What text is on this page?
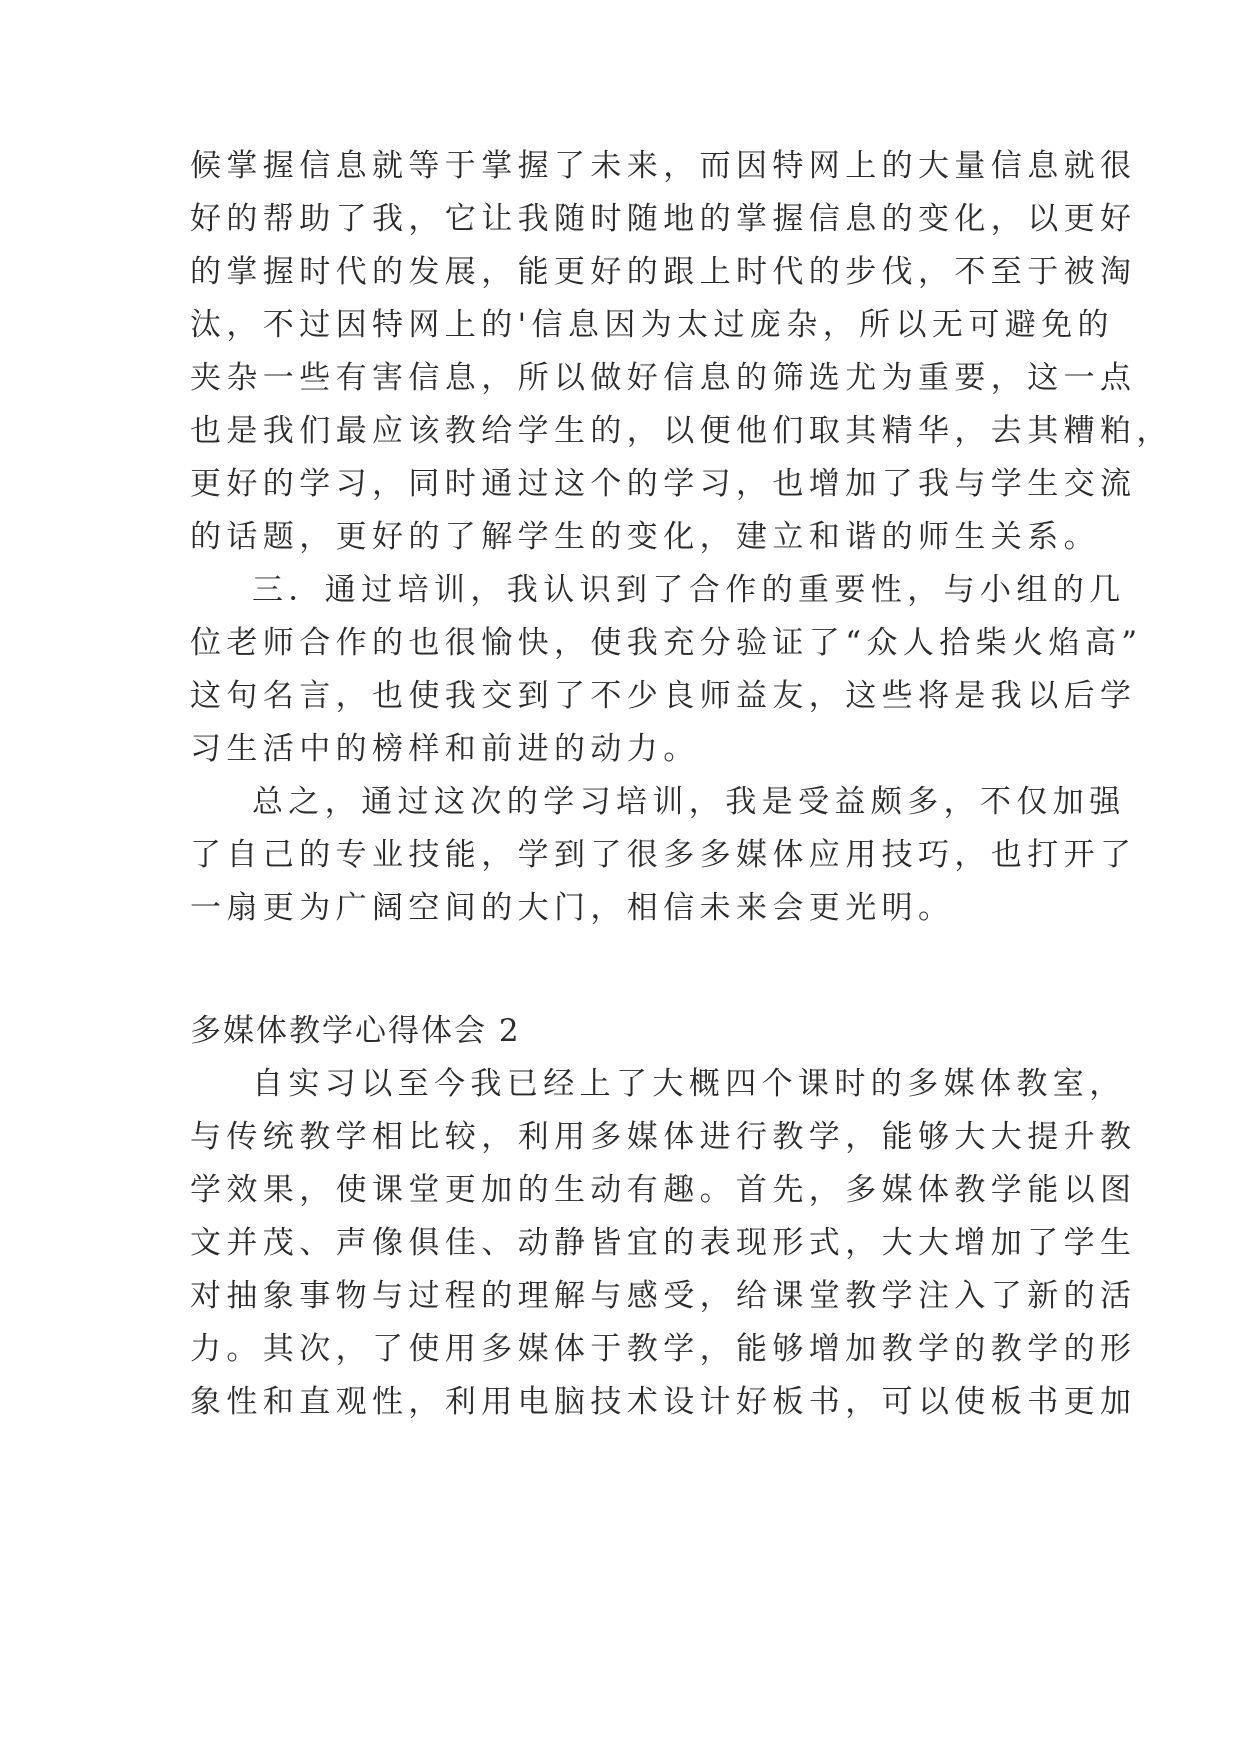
候掌握信息就等于掌握了未来，而因特网上的大量信息就很
好的帮助了我，它让我随时随地的掌握信息的变化，以更好
的掌握时代的发展，能更好的跟上时代的步伐，不至于被淘
汰，不过因特网上的'信息因为太过庞杂，所以无可避免的
夹杂一些有害信息，所以做好信息的筛选尤为重要，这一点
也是我们最应该教给学生的，以便他们取其精华，去其糟粕，
更好的学习，同时通过这个的学习，也增加了我与学生交流
的话题，更好的了解学生的变化，建立和谐的师生关系。
三．通过培训，我认识到了合作的重要性，与小组的几
位老师合作的也很愉快，使我充分验证了“众人拾柴火焰高”
这句名言，也使我交到了不少良师益友，这些将是我以后学
习生活中的榜样和前进的动力。
总之，通过这次的学习培训，我是受益颇多，不仅加强
了自己的专业技能，学到了很多多媒体应用技巧，也打开了
一扇更为广阔空间的大门，相信未来会更光明。
多媒体教学心得体会 2
自实习以至今我已经上了大概四个课时的多媒体教室，
与传统教学相比较，利用多媒体进行教学，能够大大提升教
学效果，使课堂更加的生动有趣。首先，多媒体教学能以图
文并茂、声像俱佳、动静皆宜的表现形式，大大增加了学生
对抽象事物与过程的理解与感受，给课堂教学注入了新的活
力。其次，了使用多媒体于教学，能够增加教学的教学的形
象性和直观性，利用电脑技术设计好板书，可以使板书更加
